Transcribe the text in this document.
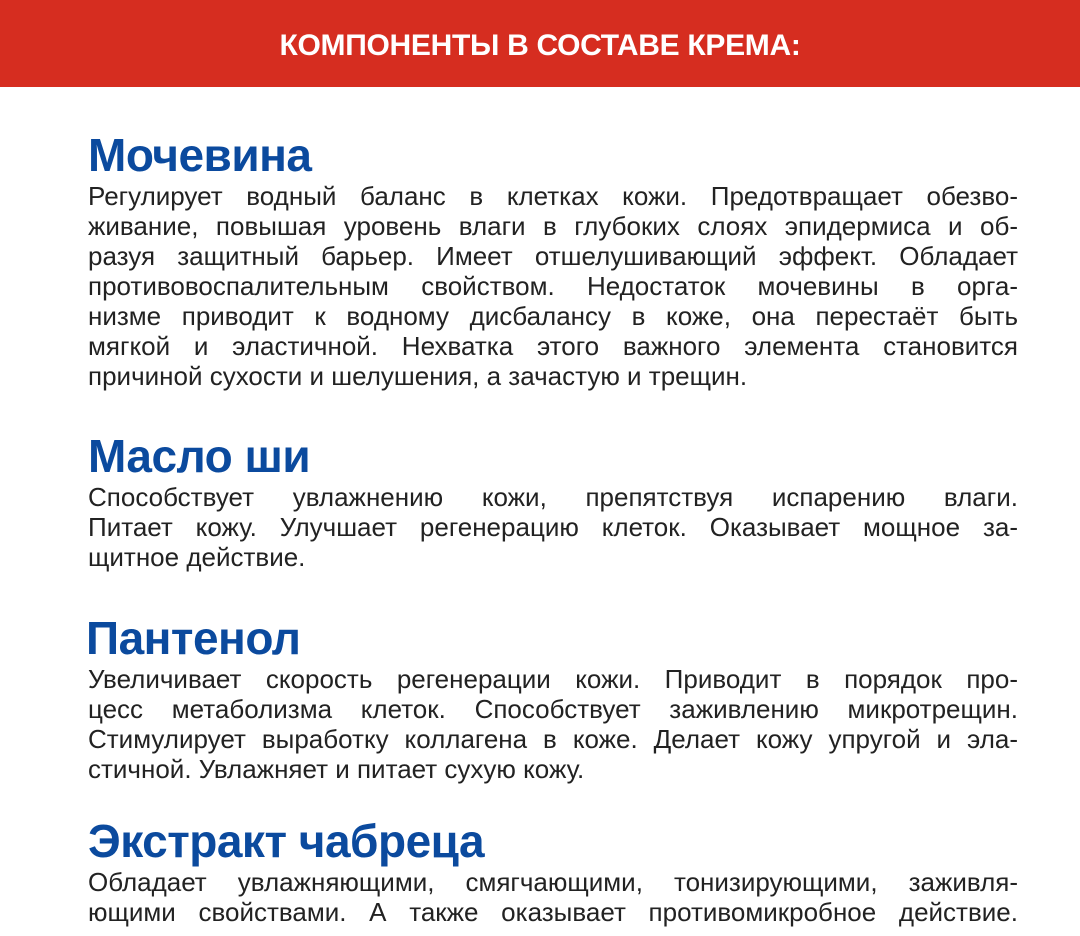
КОМПОНЕНТЫ В СОСТАВЕ КРЕМА:
Мочевина
Регулирует водный баланс в клетках кожи. Предотвращает обезво-
живание, повышая уровень влаги в глубоких слоях эпидермиса и об-
разуя защитный барьер. Имеет отшелушивающий эффект. Обладает
противовоспалительным свойством. Недостаток мочевины в орга-
низме приводит к водному дисбалансу в коже, она перестаёт быть
мягкой и эластичной. Нехватка этого важного элемента становится
причиной сухости и шелушения, а зачастую и трещин.
Масло ши
Способствует увлажнению кожи, препятствуя испарению влаги.
Питает кожу. Улучшает регенерацию клеток. Оказывает мощное за-
щитное действие.
Пантенол
Увеличивает скорость регенерации кожи. Приводит в порядок про-
цесс метаболизма клеток. Способствует заживлению микротрещин.
Стимулирует выработку коллагена в коже. Делает кожу упругой и эла-
стичной. Увлажняет и питает сухую кожу.
Экстракт чабреца
Обладает увлажняющими, смягчающими, тонизирующими, заживля-
ющими свойствами. А также оказывает противомикробное действие.
